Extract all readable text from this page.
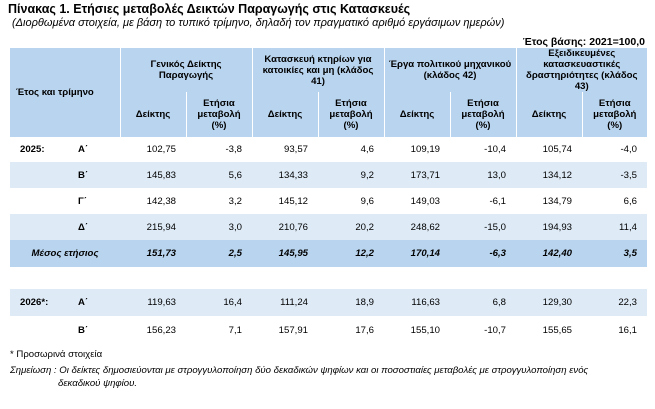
Πίνακας 1. Ετήσιες μεταβολές Δεικτών Παραγωγής στις Κατασκευές
(Διορθωμένα στοιχεία, με βάση το τυπικό τρίμηνο, δηλαδή τον πραγματικό αριθμό εργάσιμων ημερών)
Έτος βάσης: 2021=100,0
Έτος και τρίμηνο	Γενικός Δείκτης Παραγωγής		Κατασκευή κτηρίων για κατοικίες και μη (κλάδος 41)		Έργα πολιτικού μηχανικού (κλάδος 42)		Εξειδικευμένες κατασκευαστικές δραστηριότητες (κλάδος 43)	
	Δείκτης	Ετήσια μεταβολή (%)	Δείκτης	Ετήσια μεταβολή (%)	Δείκτης	Ετήσια μεταβολή (%)	Δείκτης	Ετήσια μεταβολή (%)
2025: Α΄	102,75	-3,8	93,57	4,6	109,19	-10,4	105,74	-4,0
Β΄	145,83	5,6	134,33	9,2	173,71	13,0	134,12	-3,5
Γ΄	142,38	3,2	145,12	9,6	149,03	-6,1	134,79	6,6
Δ΄	215,94	3,0	210,76	20,2	248,62	-15,0	194,93	11,4
Μέσος ετήσιος	151,73	2,5	145,95	12,2	170,14	-6,3	142,40	3,5

2026*: Α΄	119,63	16,4	111,24	18,9	116,63	6,8	129,30	22,3
Β΄	156,23	7,1	157,91	17,6	155,10	-10,7	155,65	16,1
* Προσωρινά στοιχεία
Σημείωση : Οι δείκτες δημοσιεύονται με στρογγυλοποίηση δύο δεκαδικών ψηφίων και οι ποσοστιαίες μεταβολές με στρογγυλοποίηση ενός
δεκαδικού ψηφίου.
